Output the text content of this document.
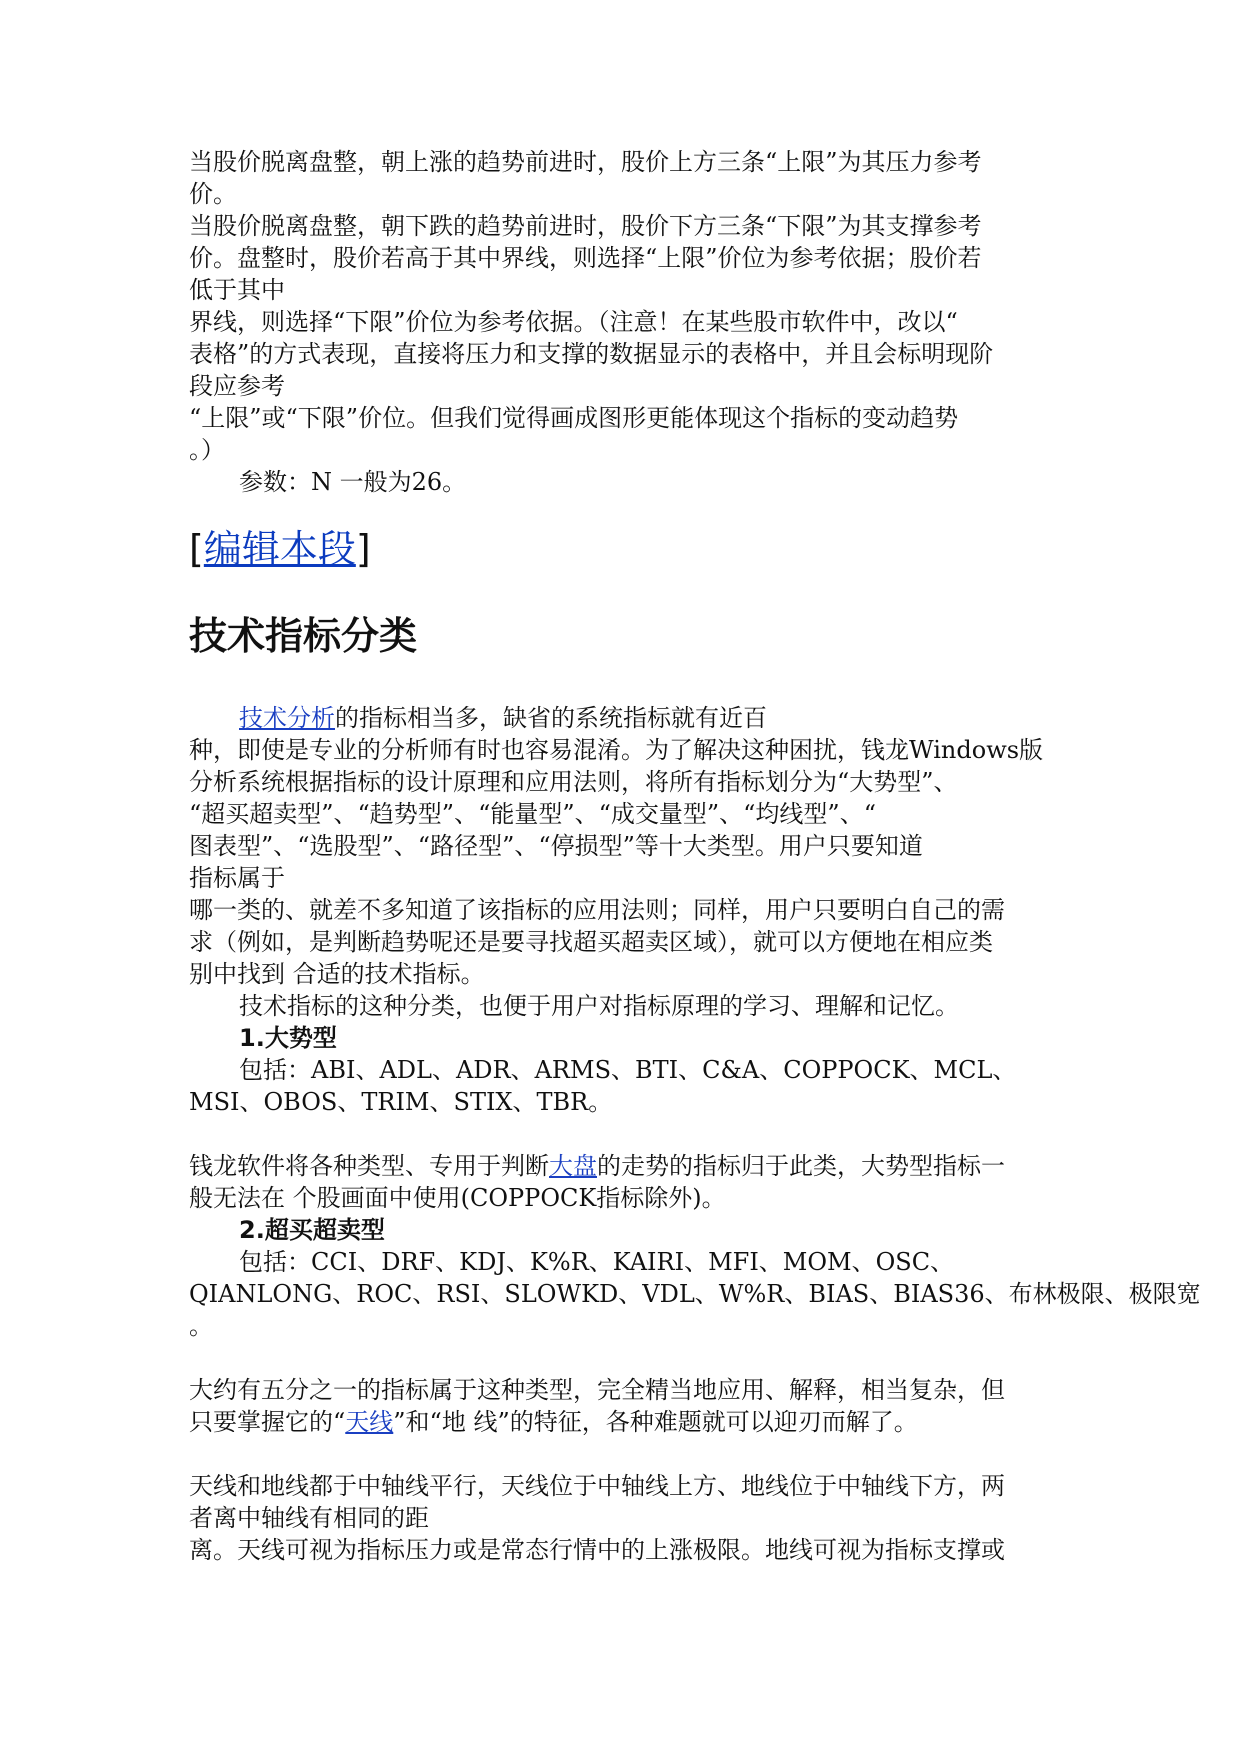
当股价脱离盘整，朝上涨的趋势前进时，股价上方三条“上限”为其压力参考
价。
当股价脱离盘整，朝下跌的趋势前进时，股价下方三条“下限”为其支撑参考
价。盘整时，股价若高于其中界线，则选择“上限”价位为参考依据；股价若
低于其中
界线，则选择“下限”价位为参考依据。（注意！在某些股市软件中，改以“
表格”的方式表现，直接将压力和支撑的数据显示的表格中，并且会标明现阶
段应参考
“上限”或“下限”价位。但我们觉得画成图形更能体现这个指标的变动趋势
。）
参数：N 一般为26。
[编辑本段]
技术指标分类
技术分析的指标相当多，缺省的系统指标就有近百
种，即使是专业的分析师有时也容易混淆。为了解决这种困扰，钱龙Windows版
分析系统根据指标的设计原理和应用法则，将所有指标划分为“大势型”、
“超买超卖型”、“趋势型”、“能量型”、“成交量型”、“均线型”、“
图表型”、“选股型”、“路径型”、“停损型”等十大类型。用户只要知道
指标属于
哪一类的、就差不多知道了该指标的应用法则；同样，用户只要明白自己的需
求（例如，是判断趋势呢还是要寻找超买超卖区域），就可以方便地在相应类
别中找到 合适的技术指标。
技术指标的这种分类，也便于用户对指标原理的学习、理解和记忆。
1.大势型
包括：ABI、ADL、ADR、ARMS、BTI、C&A、COPPOCK、MCL、
MSI、OBOS、TRIM、STIX、TBR。
钱龙软件将各种类型、专用于判断大盘的走势的指标归于此类，大势型指标一
般无法在 个股画面中使用(COPPOCK指标除外)。
2.超买超卖型
包括：CCI、DRF、KDJ、K%R、KAIRI、MFI、MOM、OSC、
QIANLONG、ROC、RSI、SLOWKD、VDL、W%R、BIAS、BIAS36、布林极限、极限宽
。
大约有五分之一的指标属于这种类型，完全精当地应用、解释，相当复杂，但
只要掌握它的“天线”和“地 线”的特征，各种难题就可以迎刃而解了。
天线和地线都于中轴线平行，天线位于中轴线上方、地线位于中轴线下方，两
者离中轴线有相同的距
离。天线可视为指标压力或是常态行情中的上涨极限。地线可视为指标支撑或
